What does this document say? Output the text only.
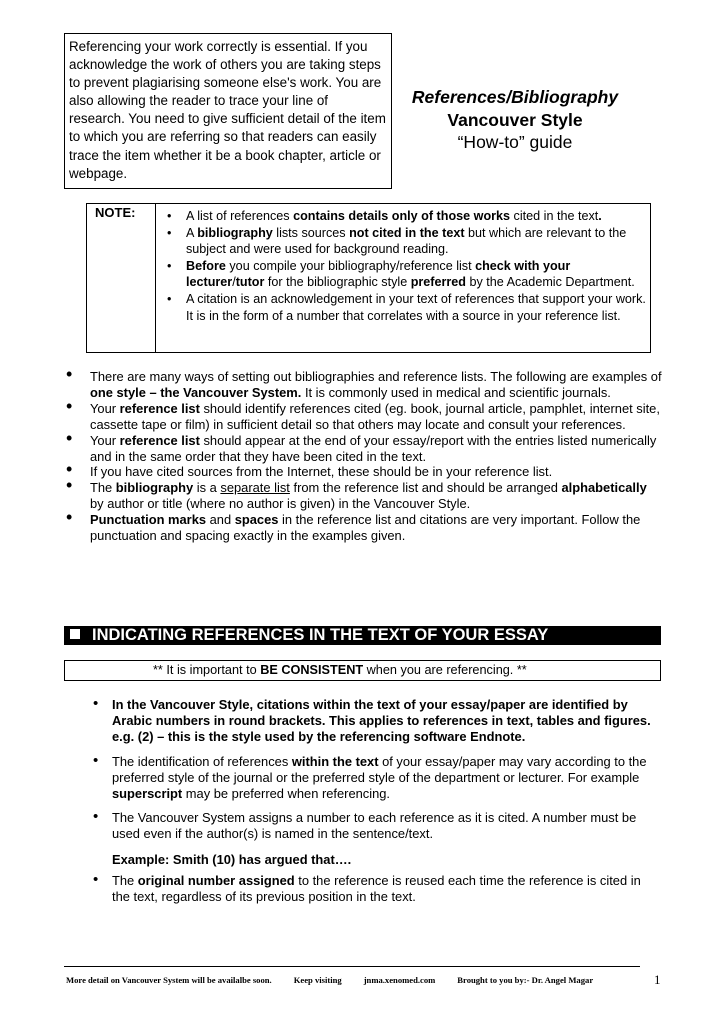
Referencing your work correctly is essential. If you acknowledge the work of others you are taking steps to prevent plagiarising someone else's work. You are also allowing the reader to trace your line of research. You need to give sufficient detail of the item to which you are referring so that readers can easily trace the item whether it be a book chapter, article or webpage.
References/Bibliography
Vancouver Style
“How-to” guide
NOTE:
•	A list of references contains details only of those works cited in the text.
• A bibliography lists sources not cited in the text but which are relevant to the subject and were used for background reading.
• Before you compile your bibliography/reference list check with your lecturer/tutor for the bibliographic style preferred by the Academic Department.
• A citation is an acknowledgement in your text of references that support your work. It is in the form of a number that correlates with a source in your reference list.
• There are many ways of setting out bibliographies and reference lists. The following are examples of one style – the Vancouver System. It is commonly used in medical and scientific journals.
• Your reference list should identify references cited (eg. book, journal article, pamphlet, internet site, cassette tape or film) in sufficient detail so that others may locate and consult your references.
• Your reference list should appear at the end of your essay/report with the entries listed numerically and in the same order that they have been cited in the text.
• If you have cited sources from the Internet, these should be in your reference list.
• The bibliography is a separate list from the reference list and should be arranged alphabetically by author or title (where no author is given) in the Vancouver Style.
• Punctuation marks and spaces in the reference list and citations are very important. Follow the punctuation and spacing exactly in the examples given.
INDICATING REFERENCES IN THE TEXT OF YOUR ESSAY
** It is important to BE CONSISTENT when you are referencing. **
• In the Vancouver Style, citations within the text of your essay/paper are identified by Arabic numbers in round brackets. This applies to references in text, tables and figures. e.g. (2) – this is the style used by the referencing software Endnote.
• The identification of references within the text of your essay/paper may vary according to the preferred style of the journal or the preferred style of the department or lecturer. For example superscript may be preferred when referencing.
• The Vancouver System assigns a number to each reference as it is cited. A number must be used even if the author(s) is named in the sentence/text.
• The original number assigned to the reference is reused each time the reference is cited in the text, regardless of its previous position in the text.
Example: Smith (10) has argued that….
More detail on Vancouver System will be availalbe soon.	Keep visiting	jnma.xenomed.com	Brought to you by:- Dr. Angel Magar	1
